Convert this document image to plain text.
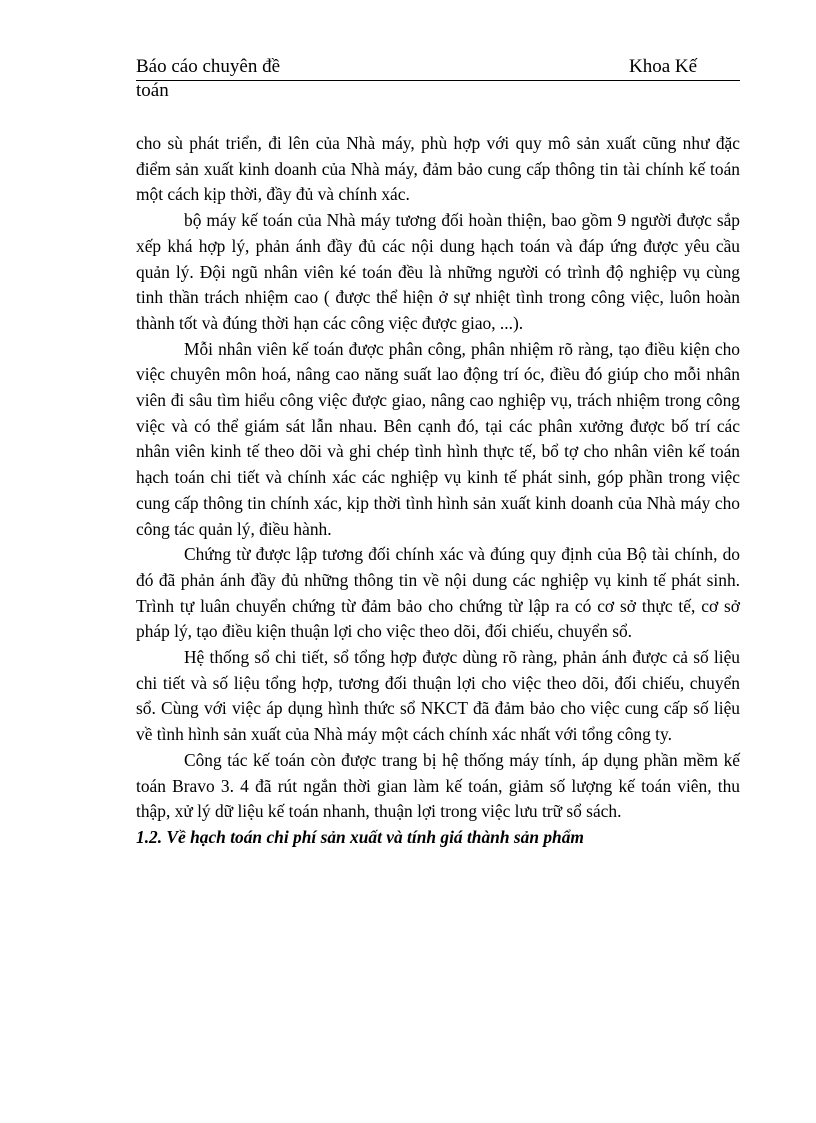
Báo cáo chuyên đề	Khoa Kế
toán

cho sù phát triển, đi lên của Nhà máy, phù hợp với quy mô sản xuất cũng như đặc điểm sản xuất kinh doanh của Nhà máy, đảm bảo cung cấp thông tin tài chính kế toán một cách kịp thời, đầy đủ và chính xác.

bộ máy kế toán của Nhà máy tương đối hoàn thiện, bao gồm 9 người được sắp xếp khá hợp lý, phản ánh đầy đủ các nội dung hạch toán và đáp ứng được yêu cầu quản lý. Đội ngũ nhân viên ké toán đều là những người có trình độ nghiệp vụ cùng tinh thần trách nhiệm cao ( được thể hiện ở sự nhiệt tình trong công việc, luôn hoàn thành tốt và đúng thời hạn các công việc được giao, ...).

Mỗi nhân viên kế toán được phân công, phân nhiệm rõ ràng, tạo điều kiện cho việc chuyên môn hoá, nâng cao năng suất lao động trí óc, điều đó giúp cho mỗi nhân viên đi sâu tìm hiểu công việc được giao, nâng cao nghiệp vụ, trách nhiệm trong công việc và có thể giám sát lẫn nhau. Bên cạnh đó, tại các phân xưởng được bố trí các nhân viên kinh tế theo dõi và ghi chép tình hình thực tế, bổ tợ cho nhân viên kế toán hạch toán chi tiết và chính xác các nghiệp vụ kinh tế phát sinh, góp phần trong việc cung cấp thông tin chính xác, kịp thời tình hình sản xuất kinh doanh của Nhà máy cho công tác quản lý, điều hành.

Chứng từ được lập tương đối chính xác và đúng quy định của Bộ tài chính, do đó đã phản ánh đầy đủ những thông tin về nội dung các nghiệp vụ kinh tế phát sinh. Trình tự luân chuyển chứng từ đảm bảo cho chứng từ lập ra có cơ sở thực tế, cơ sở pháp lý, tạo điều kiện thuận lợi cho việc theo dõi, đối chiếu, chuyển sổ.

Hệ thống sổ chi tiết, sổ tổng hợp được dùng rõ ràng, phản ánh được cả số liệu chi tiết và số liệu tổng hợp, tương đối thuận lợi cho việc theo dõi, đối chiếu, chuyển sổ. Cùng với việc áp dụng hình thức sổ NKCT đã đảm bảo cho việc cung cấp số liệu về tình hình sản xuất của Nhà máy một cách chính xác nhất với tổng công ty.

Công tác kế toán còn được trang bị hệ thống máy tính, áp dụng phần mềm kế toán Bravo 3. 4 đã rút ngắn thời gian làm kế toán, giảm số lượng kế toán viên, thu thập, xử lý dữ liệu kế toán nhanh, thuận lợi trong việc lưu trữ sổ sách.

1.2. Về hạch toán chi phí sản xuất và tính giá thành sản phẩm
